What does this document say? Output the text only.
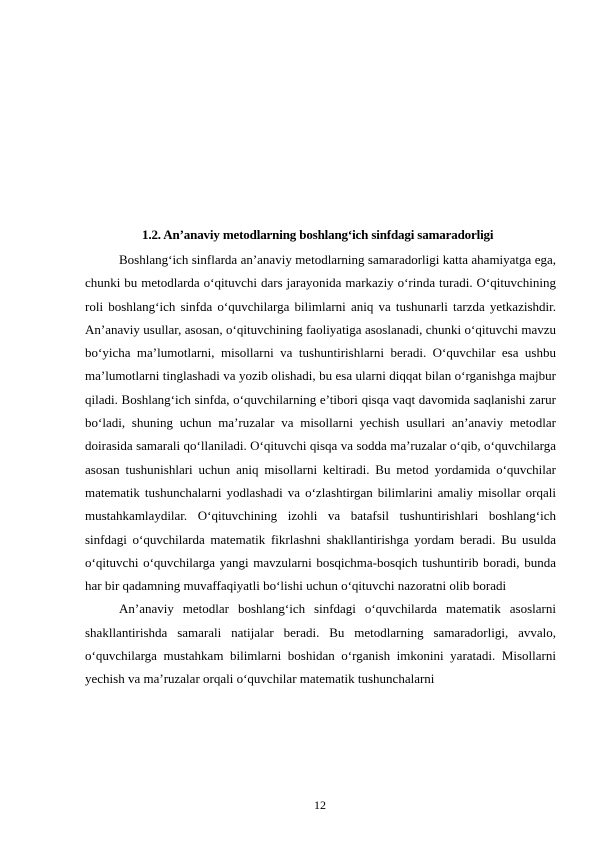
1.2. An’anaviy metodlarning boshlang‘ich sinfdagi samaradorligi

Boshlang‘ich sinflarda an’anaviy metodlarning samaradorligi katta ahamiyatga ega, chunki bu metodlarda o‘qituvchi dars jarayonida markaziy o‘rinda turadi. O‘qituvchining roli boshlang‘ich sinfda o‘quvchilarga bilimlarni aniq va tushunarli tarzda yetkazishdir. An’anaviy usullar, asosan, o‘qituvchining faoliyatiga asoslanadi, chunki o‘qituvchi mavzu bo‘yicha ma’lumotlarni, misollarni va tushuntirishlarni beradi. O‘quvchilar esa ushbu ma’lumotlarni tinglashadi va yozib olishadi, bu esa ularni diqqat bilan o‘rganishga majbur qiladi. Boshlang‘ich sinfda, o‘quvchilarning e’tibori qisqa vaqt davomida saqlanishi zarur bo‘ladi, shuning uchun ma’ruzalar va misollarni yechish usullari an’anaviy metodlar doirasida samarali qo‘llaniladi. O‘qituvchi qisqa va sodda ma’ruzalar o‘qib, o‘quvchilarga asosan tushunishlari uchun aniq misollarni keltiradi. Bu metod yordamida o‘quvchilar matematik tushunchalarni yodlashadi va o‘zlashtirgan bilimlarini amaliy misollar orqali mustahkamlaydilar. O‘qituvchining izohli va batafsil tushuntirishlari boshlang‘ich sinfdagi o‘quvchilarda matematik fikrlashni shakllantirishga yordam beradi. Bu usulda o‘qituvchi o‘quvchilarga yangi mavzularni bosqichma-bosqich tushuntirib boradi, bunda har bir qadamning muvaffaqiyatli bo‘lishi uchun o‘qituvchi nazoratni olib boradi

An’anaviy metodlar boshlang‘ich sinfdagi o‘quvchilarda matematik asoslarni shakllantirishda samarali natijalar beradi. Bu metodlarning samaradorligi, avvalo, o‘quvchilarga mustahkam bilimlarni boshidan o‘rganish imkonini yaratadi. Misollarni yechish va ma’ruzalar orqali o‘quvchilar matematik tushunchalarni

12
